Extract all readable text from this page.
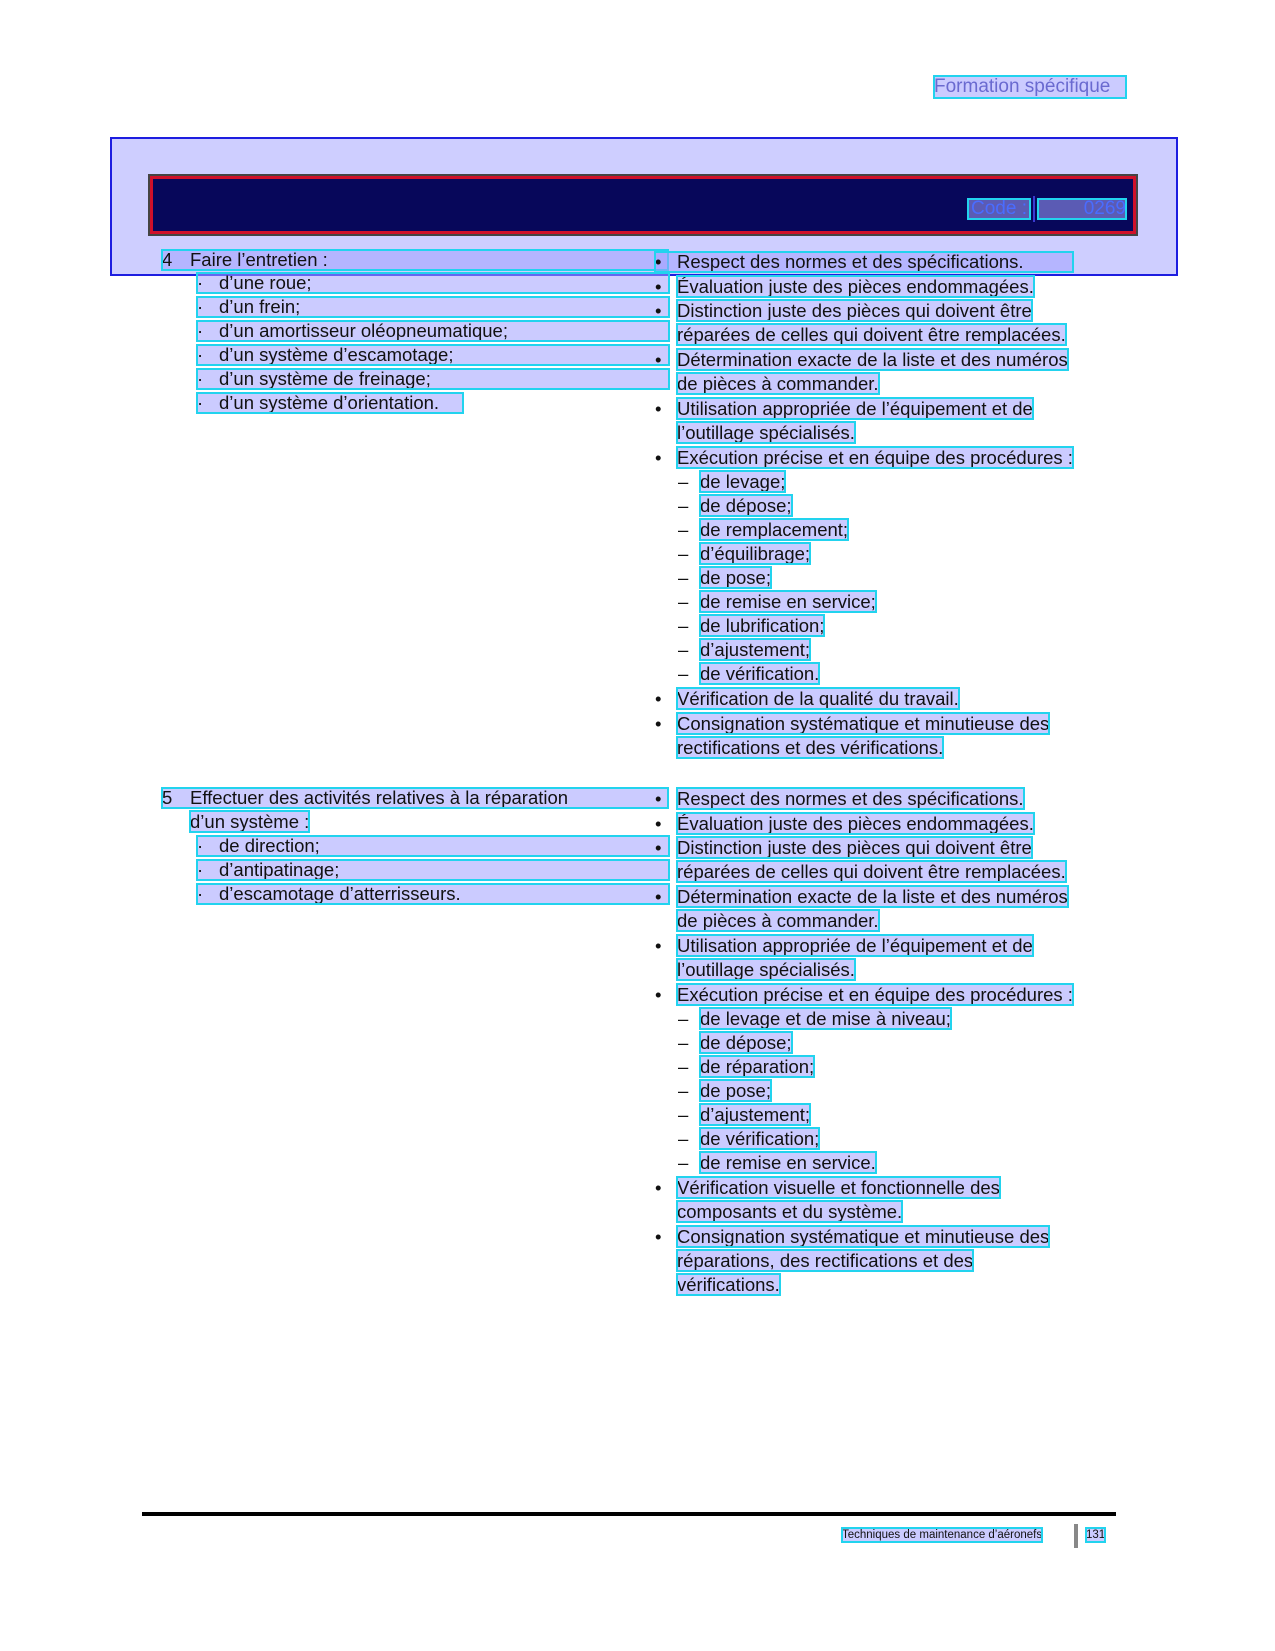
Formation spécifique
Code :	0269
4 Faire l’entretien :
· d’une roue;
· d’un frein;
· d’un amortisseur oléopneumatique;
· d’un système d’escamotage;
· d’un système de freinage;
· d’un système d’orientation.
• Respect des normes et des spécifications.
• Évaluation juste des pièces endommagées.
• Distinction juste des pièces qui doivent être
réparées de celles qui doivent être remplacées.
• Détermination exacte de la liste et des numéros
de pièces à commander.
• Utilisation appropriée de l’équipement et de
l’outillage spécialisés.
• Exécution précise et en équipe des procédures :
– de levage;
– de dépose;
– de remplacement;
– d’équilibrage;
– de pose;
– de remise en service;
– de lubrification;
– d’ajustement;
– de vérification.
• Vérification de la qualité du travail.
• Consignation systématique et minutieuse des
rectifications et des vérifications.
5 Effectuer des activités relatives à la réparation
d’un système :
· de direction;
· d’antipatinage;
· d’escamotage d’atterrisseurs.
• Respect des normes et des spécifications.
• Évaluation juste des pièces endommagées.
• Distinction juste des pièces qui doivent être
réparées de celles qui doivent être remplacées.
• Détermination exacte de la liste et des numéros
de pièces à commander.
• Utilisation appropriée de l’équipement et de
l’outillage spécialisés.
• Exécution précise et en équipe des procédures :
– de levage et de mise à niveau;
– de dépose;
– de réparation;
– de pose;
– d’ajustement;
– de vérification;
– de remise en service.
• Vérification visuelle et fonctionnelle des
composants et du système.
• Consignation systématique et minutieuse des
réparations, des rectifications et des
vérifications.
Techniques de maintenance d’aéronefs	131
